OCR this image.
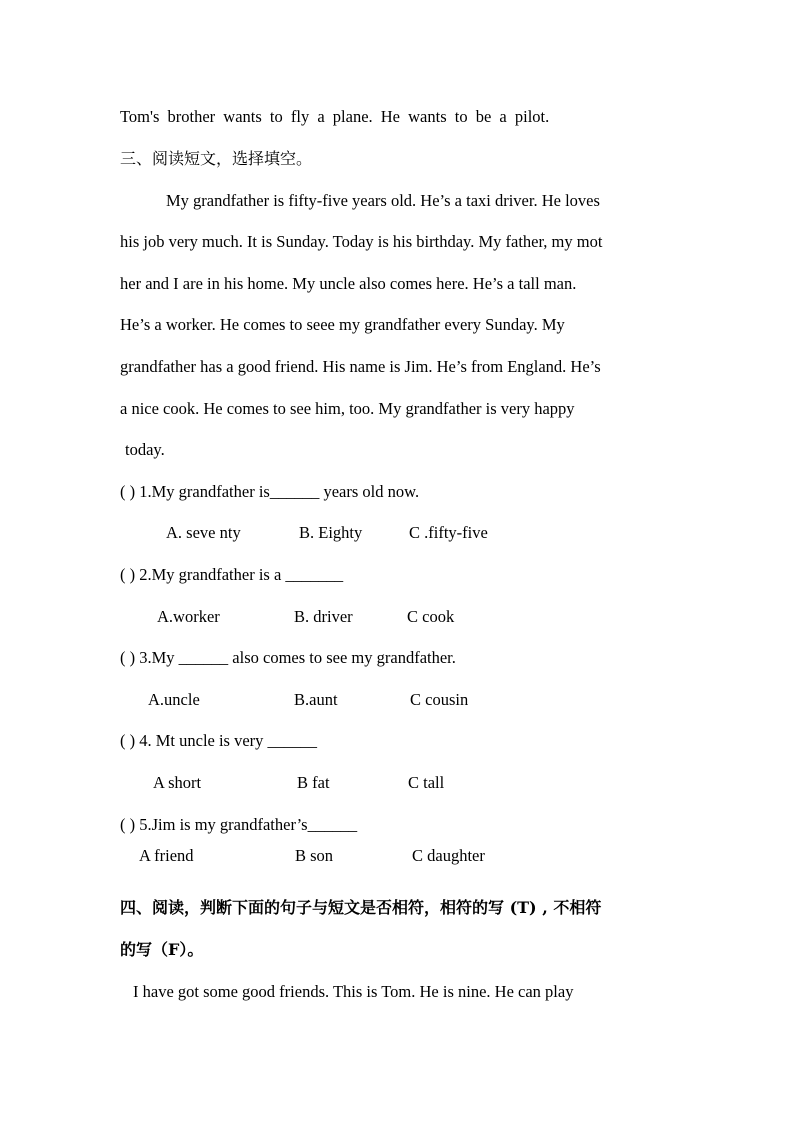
Tom's brother wants to fly a plane. He wants to be a pilot.
三、阅读短文，选择填空。
My grandfather is fifty-five years old. He’s a taxi driver. He loves
his job very much. It is Sunday. Today is his birthday. My father, my mot
her and I are in his home. My uncle also comes here. He’s a tall man.
He’s a worker. He comes to seee my grandfather every Sunday. My
grandfather has a good friend. His name is Jim. He’s from England. He’s
a nice cook. He comes to see him, too. My grandfather is very happy
today.
( ) 1.My grandfather is______ years old now.
A. seve nty	B. Eighty	C .fifty-five
( ) 2.My grandfather is a _______
A.worker	B. driver	C cook
( ) 3.My ______ also comes to see my grandfather.
A.uncle	B.aunt	C cousin
( ) 4. Mt uncle is very ______
A short	B fat	C tall
( ) 5.Jim is my grandfather’s______
A friend	B son	C daughter
四、阅读，判断下面的句子与短文是否相符，相符的写 (T) , 不相符
的写（F）。
I have got some good friends. This is Tom. He is nine. He can play
